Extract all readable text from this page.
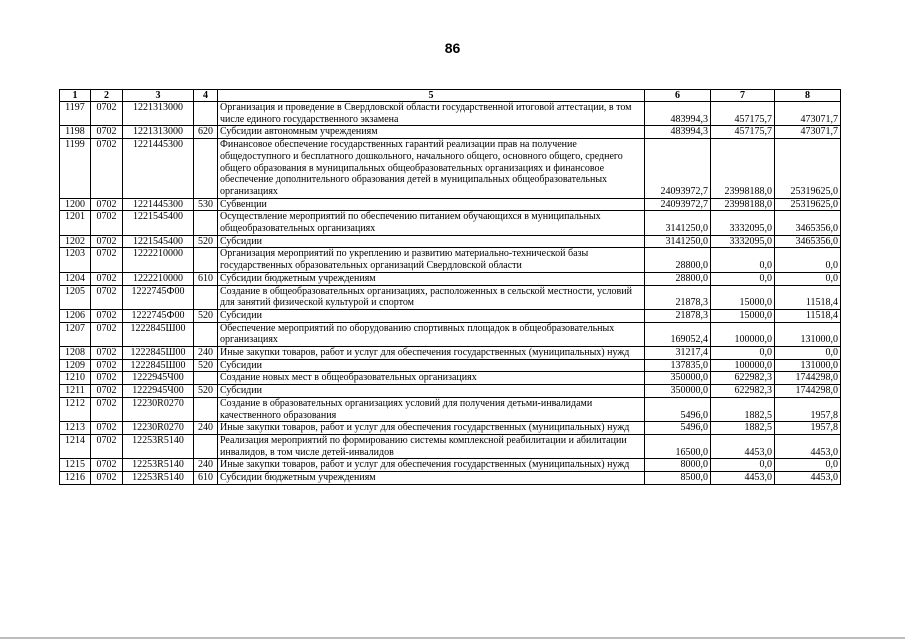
86
1	2	3	4	5	6	7	8
1197	0702	1221313000		Организация и проведение в Свердловской области государственной итоговой аттестации, в том числе единого государственного экзамена	483994,3	457175,7	473071,7
1198	0702	1221313000	620	Субсидии автономным учреждениям	483994,3	457175,7	473071,7
1199	0702	1221445300		Финансовое обеспечение государственных гарантий реализации прав на получение общедоступного и бесплатного дошкольного, начального общего, основного общего, среднего общего образования в муниципальных общеобразовательных организациях и финансовое обеспечение дополнительного образования детей в муниципальных общеобразовательных организациях	24093972,7	23998188,0	25319625,0
1200	0702	1221445300	530	Субвенции	24093972,7	23998188,0	25319625,0
1201	0702	1221545400		Осуществление мероприятий по обеспечению питанием обучающихся в муниципальных общеобразовательных организациях	3141250,0	3332095,0	3465356,0
1202	0702	1221545400	520	Субсидии	3141250,0	3332095,0	3465356,0
1203	0702	1222210000		Организация мероприятий по укреплению и развитию материально-технической базы государственных образовательных организаций Свердловской области	28800,0	0,0	0,0
1204	0702	1222210000	610	Субсидии бюджетным учреждениям	28800,0	0,0	0,0
1205	0702	1222745Ф00		Создание в общеобразовательных организациях, расположенных в сельской местности, условий для занятий физической культурой и спортом	21878,3	15000,0	11518,4
1206	0702	1222745Ф00	520	Субсидии	21878,3	15000,0	11518,4
1207	0702	1222845Ш00		Обеспечение мероприятий по оборудованию спортивных площадок в общеобразовательных организациях	169052,4	100000,0	131000,0
1208	0702	1222845Ш00	240	Иные закупки товаров, работ и услуг для обеспечения государственных (муниципальных) нужд	31217,4	0,0	0,0
1209	0702	1222845Ш00	520	Субсидии	137835,0	100000,0	131000,0
1210	0702	1222945Ч00		Создание новых мест в общеобразовательных организациях	350000,0	622982,3	1744298,0
1211	0702	1222945Ч00	520	Субсидии	350000,0	622982,3	1744298,0
1212	0702	12230R0270		Создание в образовательных организациях условий для получения детьми-инвалидами качественного образования	5496,0	1882,5	1957,8
1213	0702	12230R0270	240	Иные закупки товаров, работ и услуг для обеспечения государственных (муниципальных) нужд	5496,0	1882,5	1957,8
1214	0702	12253R5140		Реализация мероприятий по формированию системы комплексной реабилитации и абилитации инвалидов, в том числе детей-инвалидов	16500,0	4453,0	4453,0
1215	0702	12253R5140	240	Иные закупки товаров, работ и услуг для обеспечения государственных (муниципальных) нужд	8000,0	0,0	0,0
1216	0702	12253R5140	610	Субсидии бюджетным учреждениям	8500,0	4453,0	4453,0
